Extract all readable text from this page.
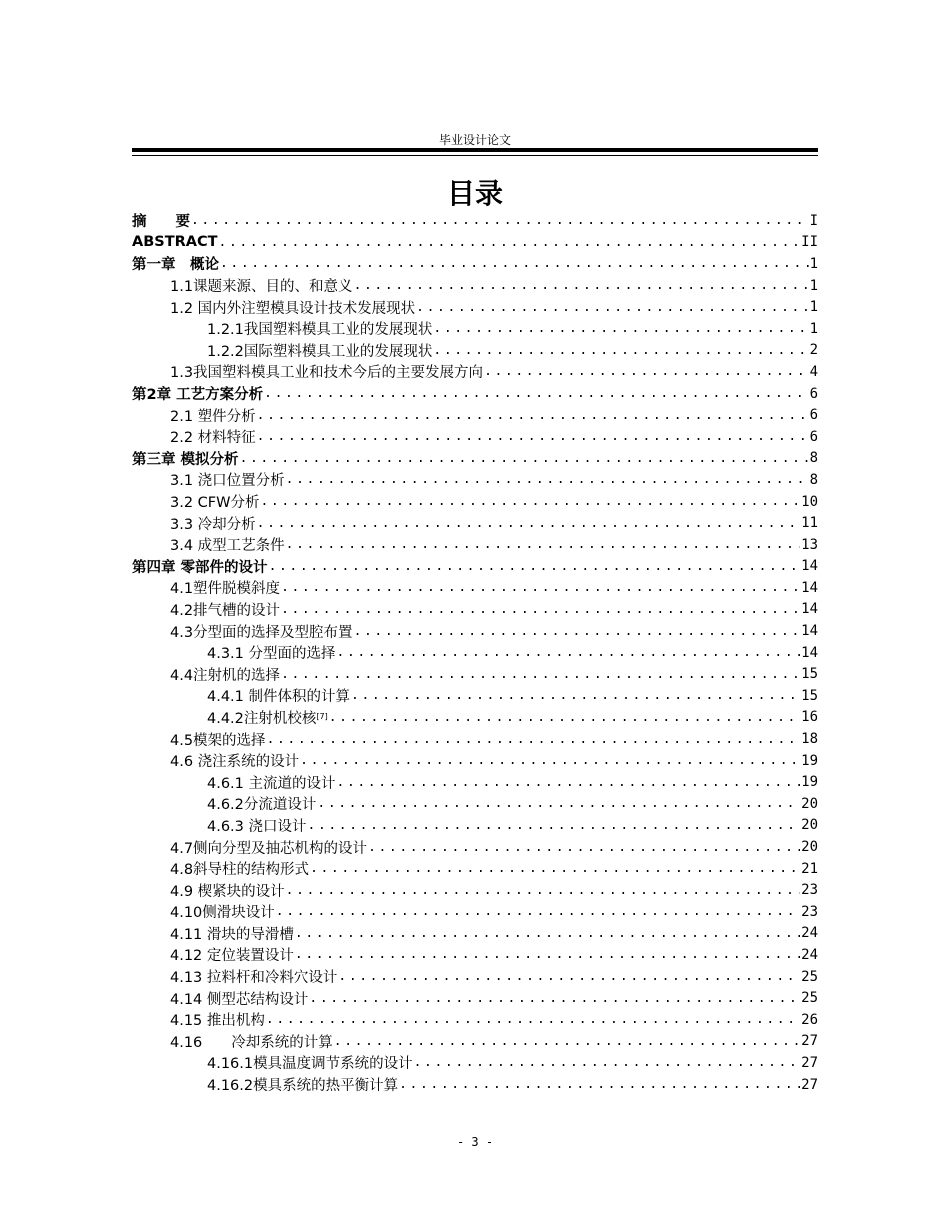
毕业设计论文
目录
摘　　要 .....	I
ABSTRACT .....	II
第一章　概论 .....	1
1.1课题来源、目的、和意义 .....	1
1.2 国内外注塑模具设计技术发展现状 .....	1
1.2.1我国塑料模具工业的发展现状 .....	1
1.2.2国际塑料模具工业的发展现状 .....	2
1.3我国塑料模具工业和技术今后的主要发展方向 .....	4
第2章 工艺方案分析 .....	6
2.1 塑件分析 .....	6
2.2 材料特征 .....	6
第三章 模拟分析 .....	8
3.1 浇口位置分析 .....	8
3.2 CFW分析 .....	10
3.3 冷却分析 .....	11
3.4 成型工艺条件 .....	13
第四章 零部件的设计 .....	14
4.1塑件脱模斜度 .....	14
4.2排气槽的设计 .....	14
4.3分型面的选择及型腔布置 .....	14
4.3.1 分型面的选择 .....	14
4.4注射机的选择 .....	15
4.4.1 制件体积的计算 .....	15
4.4.2注射机校核 [7] .....	16
4.5模架的选择 .....	18
4.6 浇注系统的设计 .....	19
4.6.1 主流道的设计 .....	19
4.6.2分流道设计 .....	20
4.6.3 浇口设计 .....	20
4.7侧向分型及抽芯机构的设计 .....	20
4.8斜导柱的结构形式 .....	21
4.9 楔紧块的设计 .....	23
4.10侧滑块设计 .....	23
4.11 滑块的导滑槽 .....	24
4.12 定位装置设计 .....	24
4.13 拉料杆和冷料穴设计 .....	25
4.14 侧型芯结构设计 .....	25
4.15 推出机构 .....	26
4.16　　冷却系统的计算 .....	27
4.16.1模具温度调节系统的设计 .....	27
4.16.2模具系统的热平衡计算 .....	27
- 3 -
